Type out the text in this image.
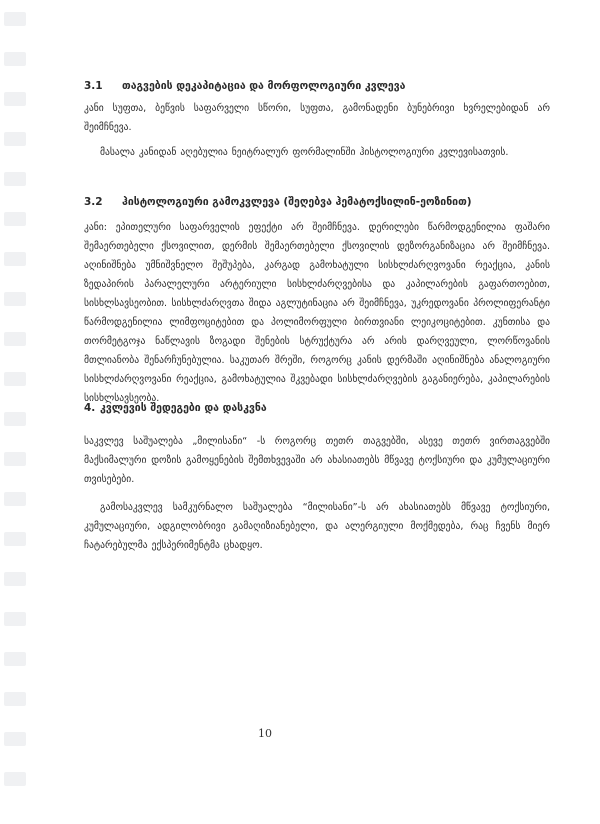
3.1 თაგვების დეკაპიტაცია და მორფოლოგიური კვლევა

კანი სუფთა, ბეწვის საფარველი სწორი, სუფთა, გამონადენი ბუნებრივი ხვრელებიდან არ შეიმჩნევა.

მასალა კანიდან აღებულია ნეიტრალურ ფორმალინში ჰისტოლოგიური კვლევისათვის.

3.2 ჰისტოლოგიური გამოკვლევა (შეღებვა ჰემატოქსილინ-ეოზინით)

კანი: ეპითელური საფარველის ეფექტი არ შეიმჩნევა. დერილები წარმოდგენილია ფაშარი შემაერთებელი ქსოვილით, დერმის შემაერთებელი ქსოვილის დეზორგანიზაცია არ შეიმჩნევა. აღინიშნება უმნიშვნელო შეშუპება, კარგად გამოხატული სისხლძარღვოვანი რეაქცია, კანის ზედაპირის პარალელური არტერიული სისხლძარღვებისა და კაპილარების გაფართოებით, სისხლსავსეობით. სისხლძარღვთა შიდა აგლუტინაცია არ შეიმჩნევა, უკრედოვანი პროლიფერანტი წარმოდგენილია ლიმფოციტებით და პოლიმორფული ბირთვიანი ლეიკოციტებით. კუნთისა და თორმეტგოჯა ნაწლავის ზოგადი შენების სტრუქტურა არ არის დარღვეული, ლორწოვანის მთლიანობა შენარჩუნებულია. საკუთარ შრეში, როგორც კანის დერმაში აღინიშნება ანალოგიური სისხლძარღვოვანი რეაქცია, გამოხატულია შკვებადი სისხლძარღვების გაგანიერება, კაპილარების სისხლსავსეობა.

4. კვლევის შედეგები და დასკვნა

საკვლევ საშუალება „მილისანი“ -ს როგორც თეთრ თაგვებში, ასევე თეთრ ვირთაგვებში მაქსიმალური დოზის გამოყენების შემთხვევაში არ ახასიათებს მწვავე ტოქსიური და კუმულაციური თვისებები.

გამოსაკვლევ სამკურნალო საშუალება “მილისანი”-ს არ ახასიათებს მწვავე ტოქსიური, კუმულაციური, ადგილობრივი გამაღიზიანებელი, და ალერგიული მოქმედება, რაც ჩვენს მიერ ჩატარებულმა ექსპერიმენტმა ცხადყო.

10
